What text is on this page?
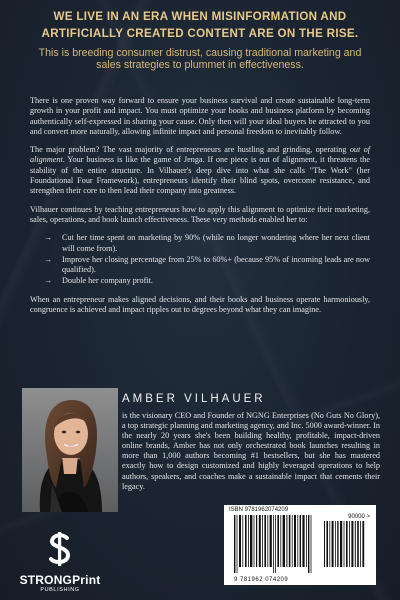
WE LIVE IN AN ERA WHEN MISINFORMATION AND ARTIFICIALLY CREATED CONTENT ARE ON THE RISE.
This is breeding consumer distrust, causing traditional marketing and sales strategies to plummet in effectiveness.

There is one proven way forward to ensure your business survival and create sustainable long-term growth in your profit and impact. You must optimize your books and business platform by becoming authentically self-expressed in sharing your cause. Only then will your ideal buyers be attracted to you and convert more naturally, allowing infinite impact and personal freedom to inevitably follow.

The major problem? The vast majority of entrepreneurs are hustling and grinding, operating out of alignment. Your business is like the game of Jenga. If one piece is out of alignment, it threatens the stability of the entire structure. In Vilhauer's deep dive into what she calls "The Work" (her Foundational Four Framework), entrepreneurs identify their blind spots, overcome resistance, and strengthen their core to then lead their company into greatness.

Vilhauer continues by teaching entrepreneurs how to apply this alignment to optimize their marketing, sales, operations, and book launch effectiveness. These very methods enabled her to:

→ Cut her time spent on marketing by 90% (while no longer wondering where her next client will come from).
→ Improve her closing percentage from 25% to 60%+ (because 95% of incoming leads are now qualified).
→ Double her company profit.

When an entrepreneur makes aligned decisions, and their books and business operate harmoniously, congruence is achieved and impact ripples out to degrees beyond what they can imagine.

AMBER VILHAUER
is the visionary CEO and Founder of NGNG Enterprises (No Guts No Glory), a top strategic planning and marketing agency, and Inc. 5000 award-winner. In the nearly 20 years she's been building healthy, profitable, impact-driven online brands, Amber has not only orchestrated book launches resulting in more than 1,000 authors becoming #1 bestsellers, but she has mastered exactly how to design customized and highly leveraged operations to help authors, speakers, and coaches make a sustainable impact that cements their legacy.
ISBN 9781962074209
90000 >
9 781962 074209
STRONGPrint
PUBLISHING
